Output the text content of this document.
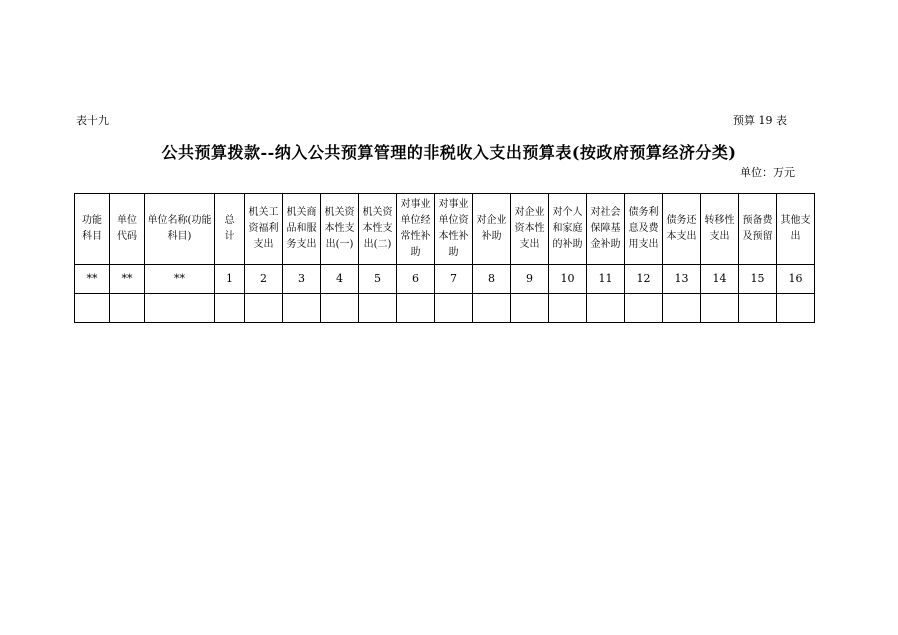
表十九	预算 19 表
公共预算拨款--纳入公共预算管理的非税收入支出预算表(按政府预算经济分类)
单位：万元
功能科目	单位代码	单位名称(功能科目)	总计	机关工资福利支出	机关商品和服务支出	机关资本性支出(一)	机关资本性支出(二)	对事业单位经常性补助	对事业单位资本性补助	对企业补助	对企业资本性支出	对个人和家庭的补助	对社会保障基金补助	债务利息及费用支出	债务还本支出	转移性支出	预备费及预留	其他支出
**	**	**	1	2	3	4	5	6	7	8	9	10	11	12	13	14	15	16
